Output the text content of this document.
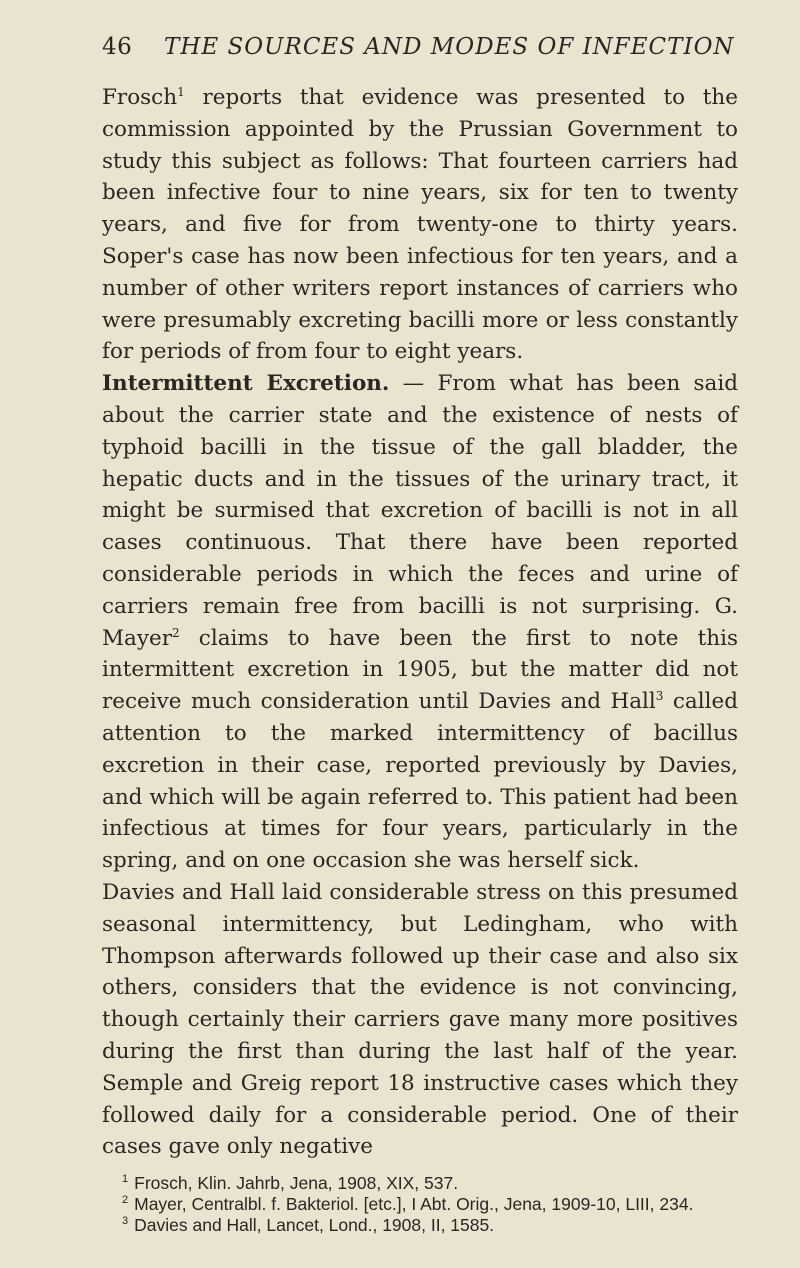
46	THE SOURCES AND MODES OF INFECTION

Frosch$^1$ reports that evidence was presented to the commission appointed by the Prussian Government to study this subject as follows: That fourteen carriers had been infective four to nine years, six for ten to twenty years, and five for from twenty-one to thirty years. Soper's case has now been infectious for ten years, and a number of other writers report instances of carriers who were presumably excreting bacilli more or less constantly for periods of from four to eight years.

Intermittent Excretion. — From what has been said about the carrier state and the existence of nests of typhoid bacilli in the tissue of the gall bladder, the hepatic ducts and in the tissues of the urinary tract, it might be surmised that excretion of bacilli is not in all cases continuous. That there have been reported considerable periods in which the feces and urine of carriers remain free from bacilli is not surprising. G. Mayer$^2$ claims to have been the first to note this intermittent excretion in 1905, but the matter did not receive much consideration until Davies and Hall$^3$ called attention to the marked intermittency of bacillus excretion in their case, reported previously by Davies, and which will be again referred to. This patient had been infectious at times for four years, particularly in the spring, and on one occasion she was herself sick.

Davies and Hall laid considerable stress on this presumed seasonal intermittency, but Ledingham, who with Thompson afterwards followed up their case and also six others, considers that the evidence is not convincing, though certainly their carriers gave many more positives during the first than during the last half of the year. Semple and Greig report 18 instructive cases which they followed daily for a considerable period. One of their cases gave only negative

$^1$ Frosch, Klin. Jahrb, Jena, 1908, XIX, 537.

$^2$ Mayer, Centralbl. f. Bakteriol. [etc.], I Abt. Orig., Jena, 1909-10, LIII, 234.

$^3$ Davies and Hall, Lancet, Lond., 1908, II, 1585.
